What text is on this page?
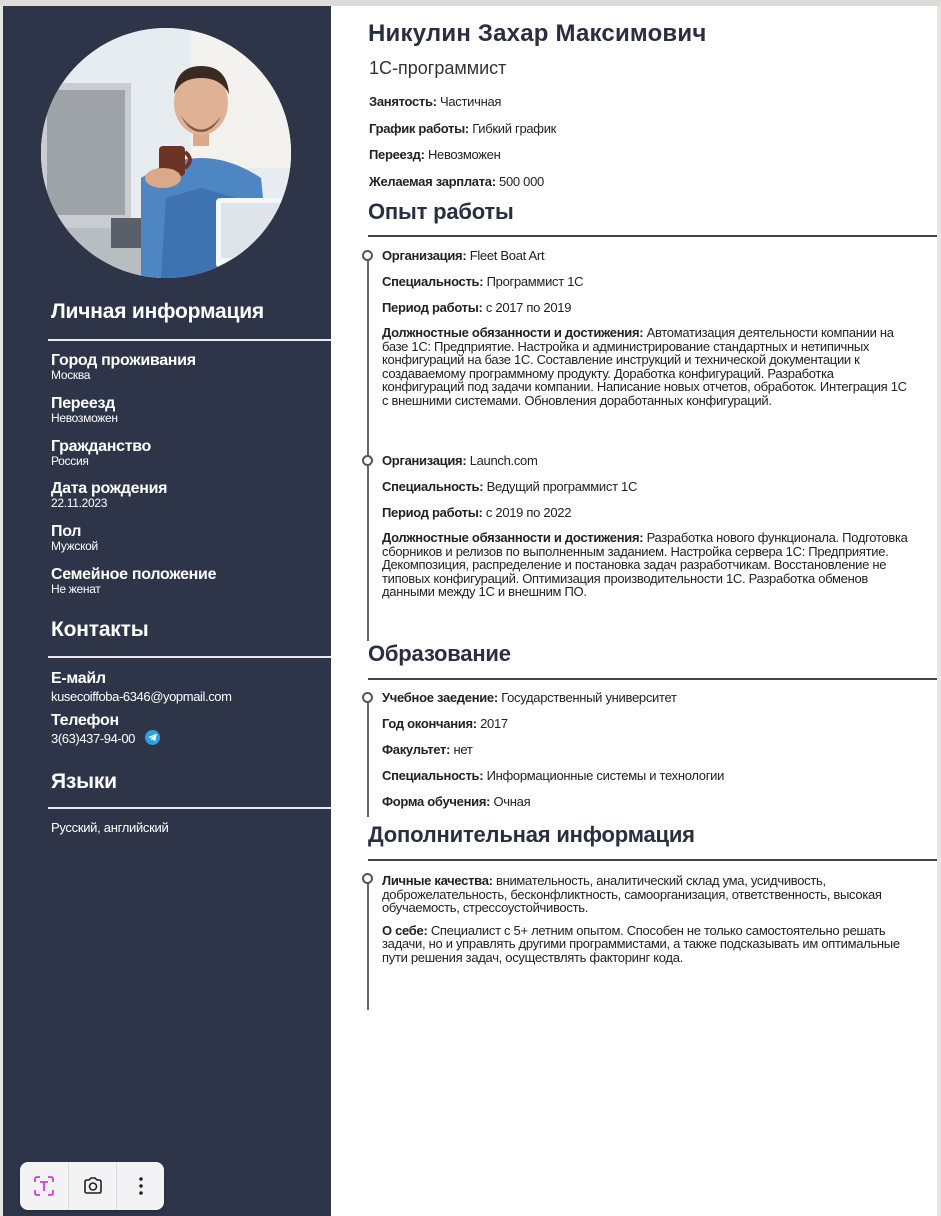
Личная информация
Город проживания
Москва
Переезд
Невозможен
Гражданство
Россия
Дата рождения
22.11.2023
Пол
Мужской
Семейное положение
Не женат
Контакты
E-майл
kusecoiffoba-6346@yopmail.com
Телефон
3(63)437-94-00
Языки
Русский, английский
Никулин Захар Максимович
1С-программист
Занятость: Частичная
График работы: Гибкий график
Переезд: Невозможен
Желаемая зарплата: 500 000
Опыт работы
Организация: Fleet Boat Art
Специальность: Программист 1С
Период работы: с 2017 по 2019
Должностные обязанности и достижения: Автоматизация деятельности компании на базе 1С: Предприятие. Настройка и администрирование стандартных и нетипичных конфигураций на базе 1С. Составление инструкций и технической документации к создаваемому программному продукту. Доработка конфигураций. Разработка конфигураций под задачи компании. Написание новых отчетов, обработок. Интеграция 1С с внешними системами. Обновления доработанных конфигураций.
Организация: Launch.com
Специальность: Ведущий программист 1С
Период работы: с 2019 по 2022
Должностные обязанности и достижения: Разработка нового функционала. Подготовка сборников и релизов по выполненным заданием. Настройка сервера 1С: Предприятие. Декомпозиция, распределение и постановка задач разработчикам. Восстановление не типовых конфигураций. Оптимизация производительности 1С. Разработка обменов данными между 1С и внешним ПО.
Образование
Учебное заедение: Государственный университет
Год окончания: 2017
Факультет: нет
Специальность: Информационные системы и технологии
Форма обучения: Очная
Дополнительная информация
Личные качества: внимательность, аналитический склад ума, усидчивость, доброжелательность, бесконфликтность, самоорганизация, ответственность, высокая обучаемость, стрессоустойчивость.
О себе: Специалист с 5+ летним опытом. Способен не только самостоятельно решать задачи, но и управлять другими программистами, а также подсказывать им оптимальные пути решения задач, осуществлять факторинг кода.
